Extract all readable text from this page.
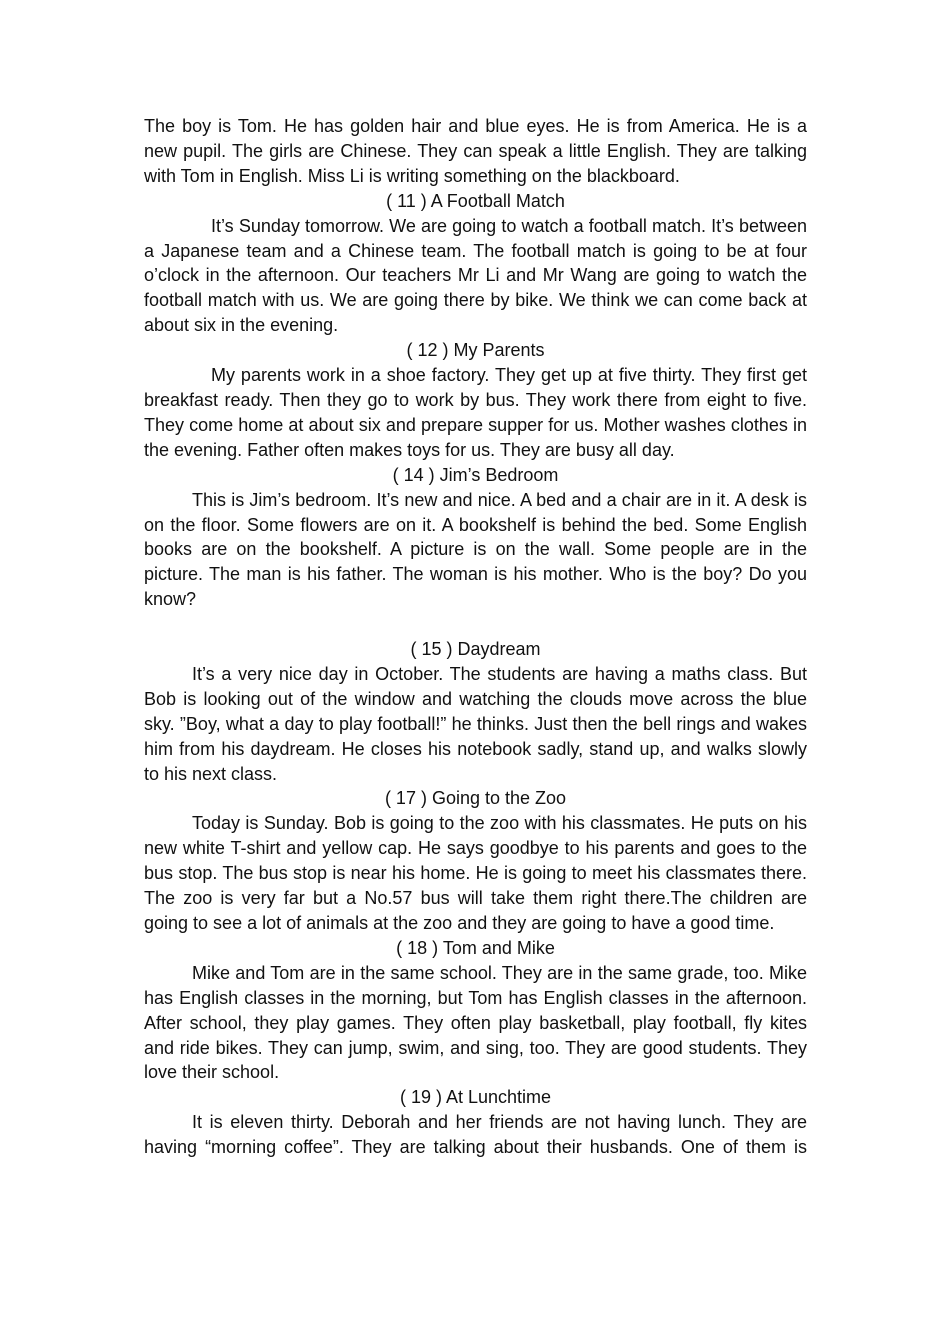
The boy is Tom. He has golden hair and blue eyes. He is from America. He is a new pupil. The girls are Chinese. They can speak a little English. They are talking with Tom in English. Miss Li is writing something on the blackboard.

( 11 ) A Football Match

It’s Sunday tomorrow. We are going to watch a football match. It’s between a Japanese team and a Chinese team. The football match is going to be at four o’clock in the afternoon. Our teachers Mr Li and Mr Wang are going to watch the football match with us. We are going there by bike. We think we can come back at about six in the evening.

( 12 ) My Parents

My parents work in a shoe factory. They get up at five thirty. They first get breakfast ready. Then they go to work by bus. They work there from eight to five. They come home at about six and prepare supper for us. Mother washes clothes in the evening. Father often makes toys for us. They are busy all day.

( 14 ) Jim’s Bedroom

This is Jim’s bedroom. It’s new and nice. A bed and a chair are in it. A desk is on the floor. Some flowers are on it. A bookshelf is behind the bed. Some English books are on the bookshelf. A picture is on the wall. Some people are in the picture. The man is his father. The woman is his mother. Who is the boy? Do you know?

( 15 ) Daydream

It’s a very nice day in October. The students are having a maths class. But Bob is looking out of the window and watching the clouds move across the blue sky. ”Boy, what a day to play football!” he thinks. Just then the bell rings and wakes him from his daydream. He closes his notebook sadly, stand up, and walks slowly to his next class.

( 17 ) Going to the Zoo

Today is Sunday. Bob is going to the zoo with his classmates. He puts on his new white T-shirt and yellow cap. He says goodbye to his parents and goes to the bus stop. The bus stop is near his home. He is going to meet his classmates there. The zoo is very far but a No.57 bus will take them right there.The children are going to see a lot of animals at the zoo and they are going to have a good time.

( 18 ) Tom and Mike

Mike and Tom are in the same school. They are in the same grade, too. Mike has English classes in the morning, but Tom has English classes in the afternoon. After school, they play games. They often play basketball, play football, fly kites and ride bikes. They can jump, swim, and sing, too. They are good students. They love their school.

( 19 ) At Lunchtime

It is eleven thirty. Deborah and her friends are not having lunch. They are having “morning coffee”. They are talking about their husbands. One of them is
